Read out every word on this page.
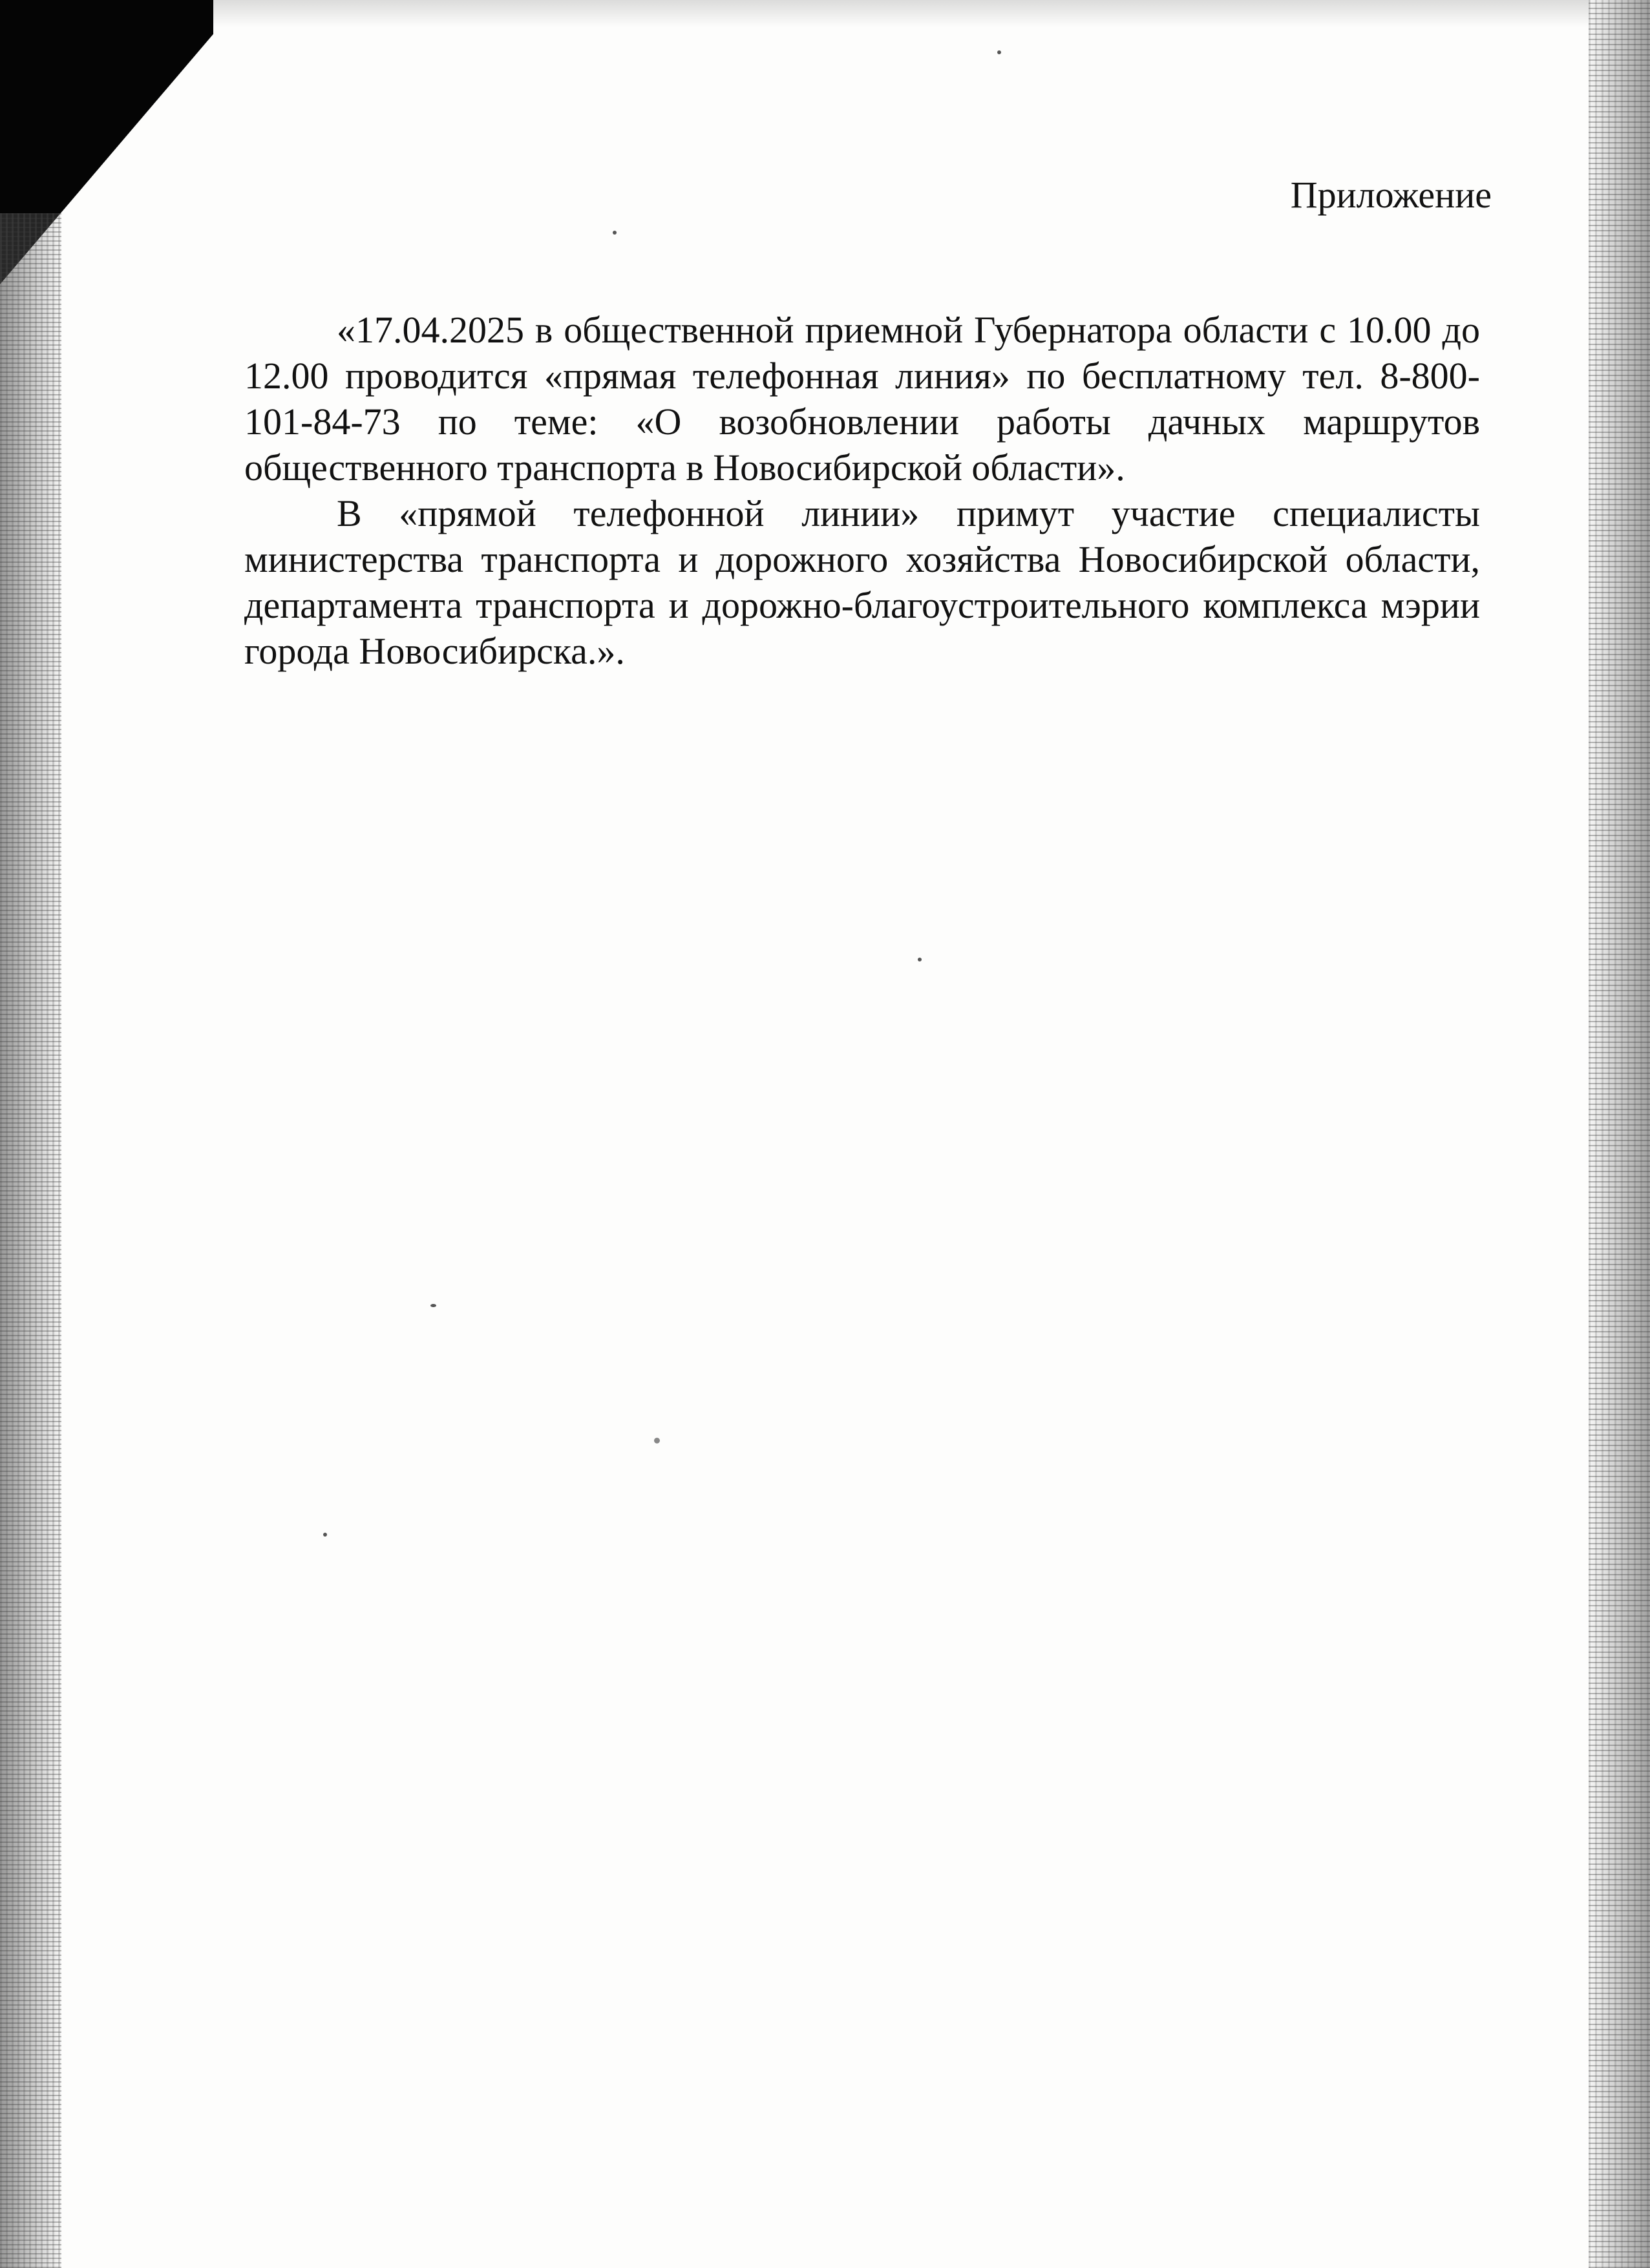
Приложение

«17.04.2025 в общественной приемной Губернатора области с 10.00 до 12.00 проводится «прямая телефонная линия» по бесплатному тел. 8-800-101-84-73 по теме: «О возобновлении работы дачных маршрутов общественного транспорта в Новосибирской области».

В «прямой телефонной линии» примут участие специалисты министерства транспорта и дорожного хозяйства Новосибирской области, департамента транспорта и дорожно-благоустроительного комплекса мэрии города Новосибирска.».
